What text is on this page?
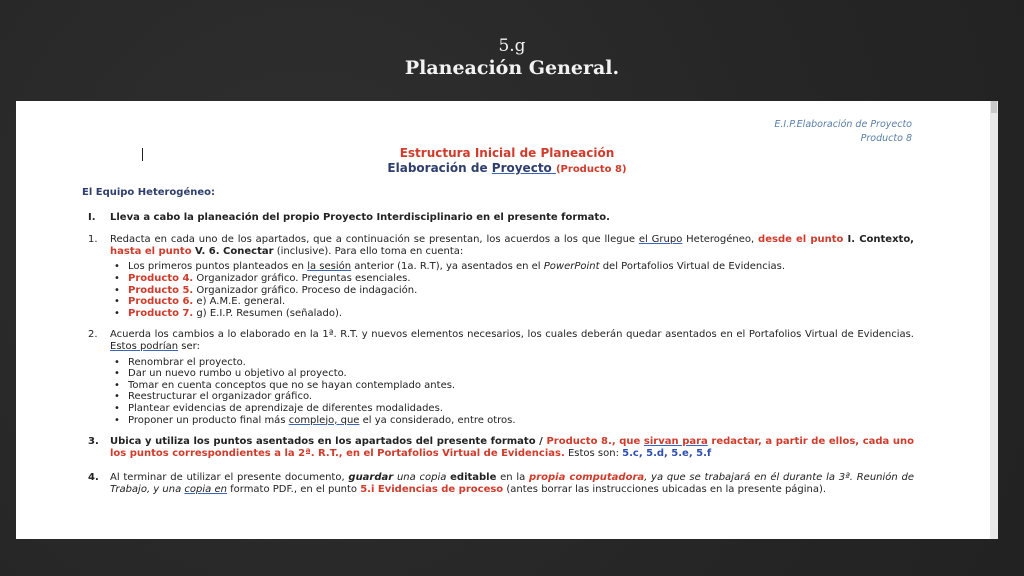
5.g
Planeación General.
E.I.P.Elaboración de Proyecto
Producto 8
Estructura Inicial de Planeación
Elaboración de Proyecto (Producto 8)

El Equipo Heterogéneo:

I.	Lleva a cabo la planeación del propio Proyecto Interdisciplinario en el presente formato.
1.	Redacta en cada uno de los apartados, que a continuación se presentan, los acuerdos a los que llegue el Grupo Heterogéneo, desde el punto I. Contexto, hasta el punto V. 6. Conectar (inclusive). Para ello toma en cuenta:
• Los primeros puntos planteados en la sesión anterior (1a. R.T), ya asentados en el PowerPoint del Portafolios Virtual de Evidencias.
• Producto 4. Organizador gráfico. Preguntas esenciales.
• Producto 5. Organizador gráfico. Proceso de indagación.
• Producto 6. e) A.M.E. general.
• Producto 7. g) E.I.P. Resumen (señalado).
2.	Acuerda los cambios a lo elaborado en la 1ª. R.T. y nuevos elementos necesarios, los cuales deberán quedar asentados en el Portafolios Virtual de Evidencias. Estos podrían ser:
• Renombrar el proyecto.
• Dar un nuevo rumbo u objetivo al proyecto.
• Tomar en cuenta conceptos que no se hayan contemplado antes.
• Reestructurar el organizador gráfico.
• Plantear evidencias de aprendizaje de diferentes modalidades.
• Proponer un producto final más complejo, que el ya considerado, entre otros.
3.	Ubica y utiliza los puntos asentados en los apartados del presente formato / Producto 8., que sirvan para redactar, a partir de ellos, cada uno los puntos correspondientes a la 2ª. R.T., en el Portafolios Virtual de Evidencias. Estos son: 5.c, 5.d, 5.e, 5.f
4.	Al terminar de utilizar el presente documento, guardar una copia editable en la propia computadora, ya que se trabajará en él durante la 3ª. Reunión de Trabajo, y una copia en formato PDF., en el punto 5.i Evidencias de proceso (antes borrar las instrucciones ubicadas en la presente página).
